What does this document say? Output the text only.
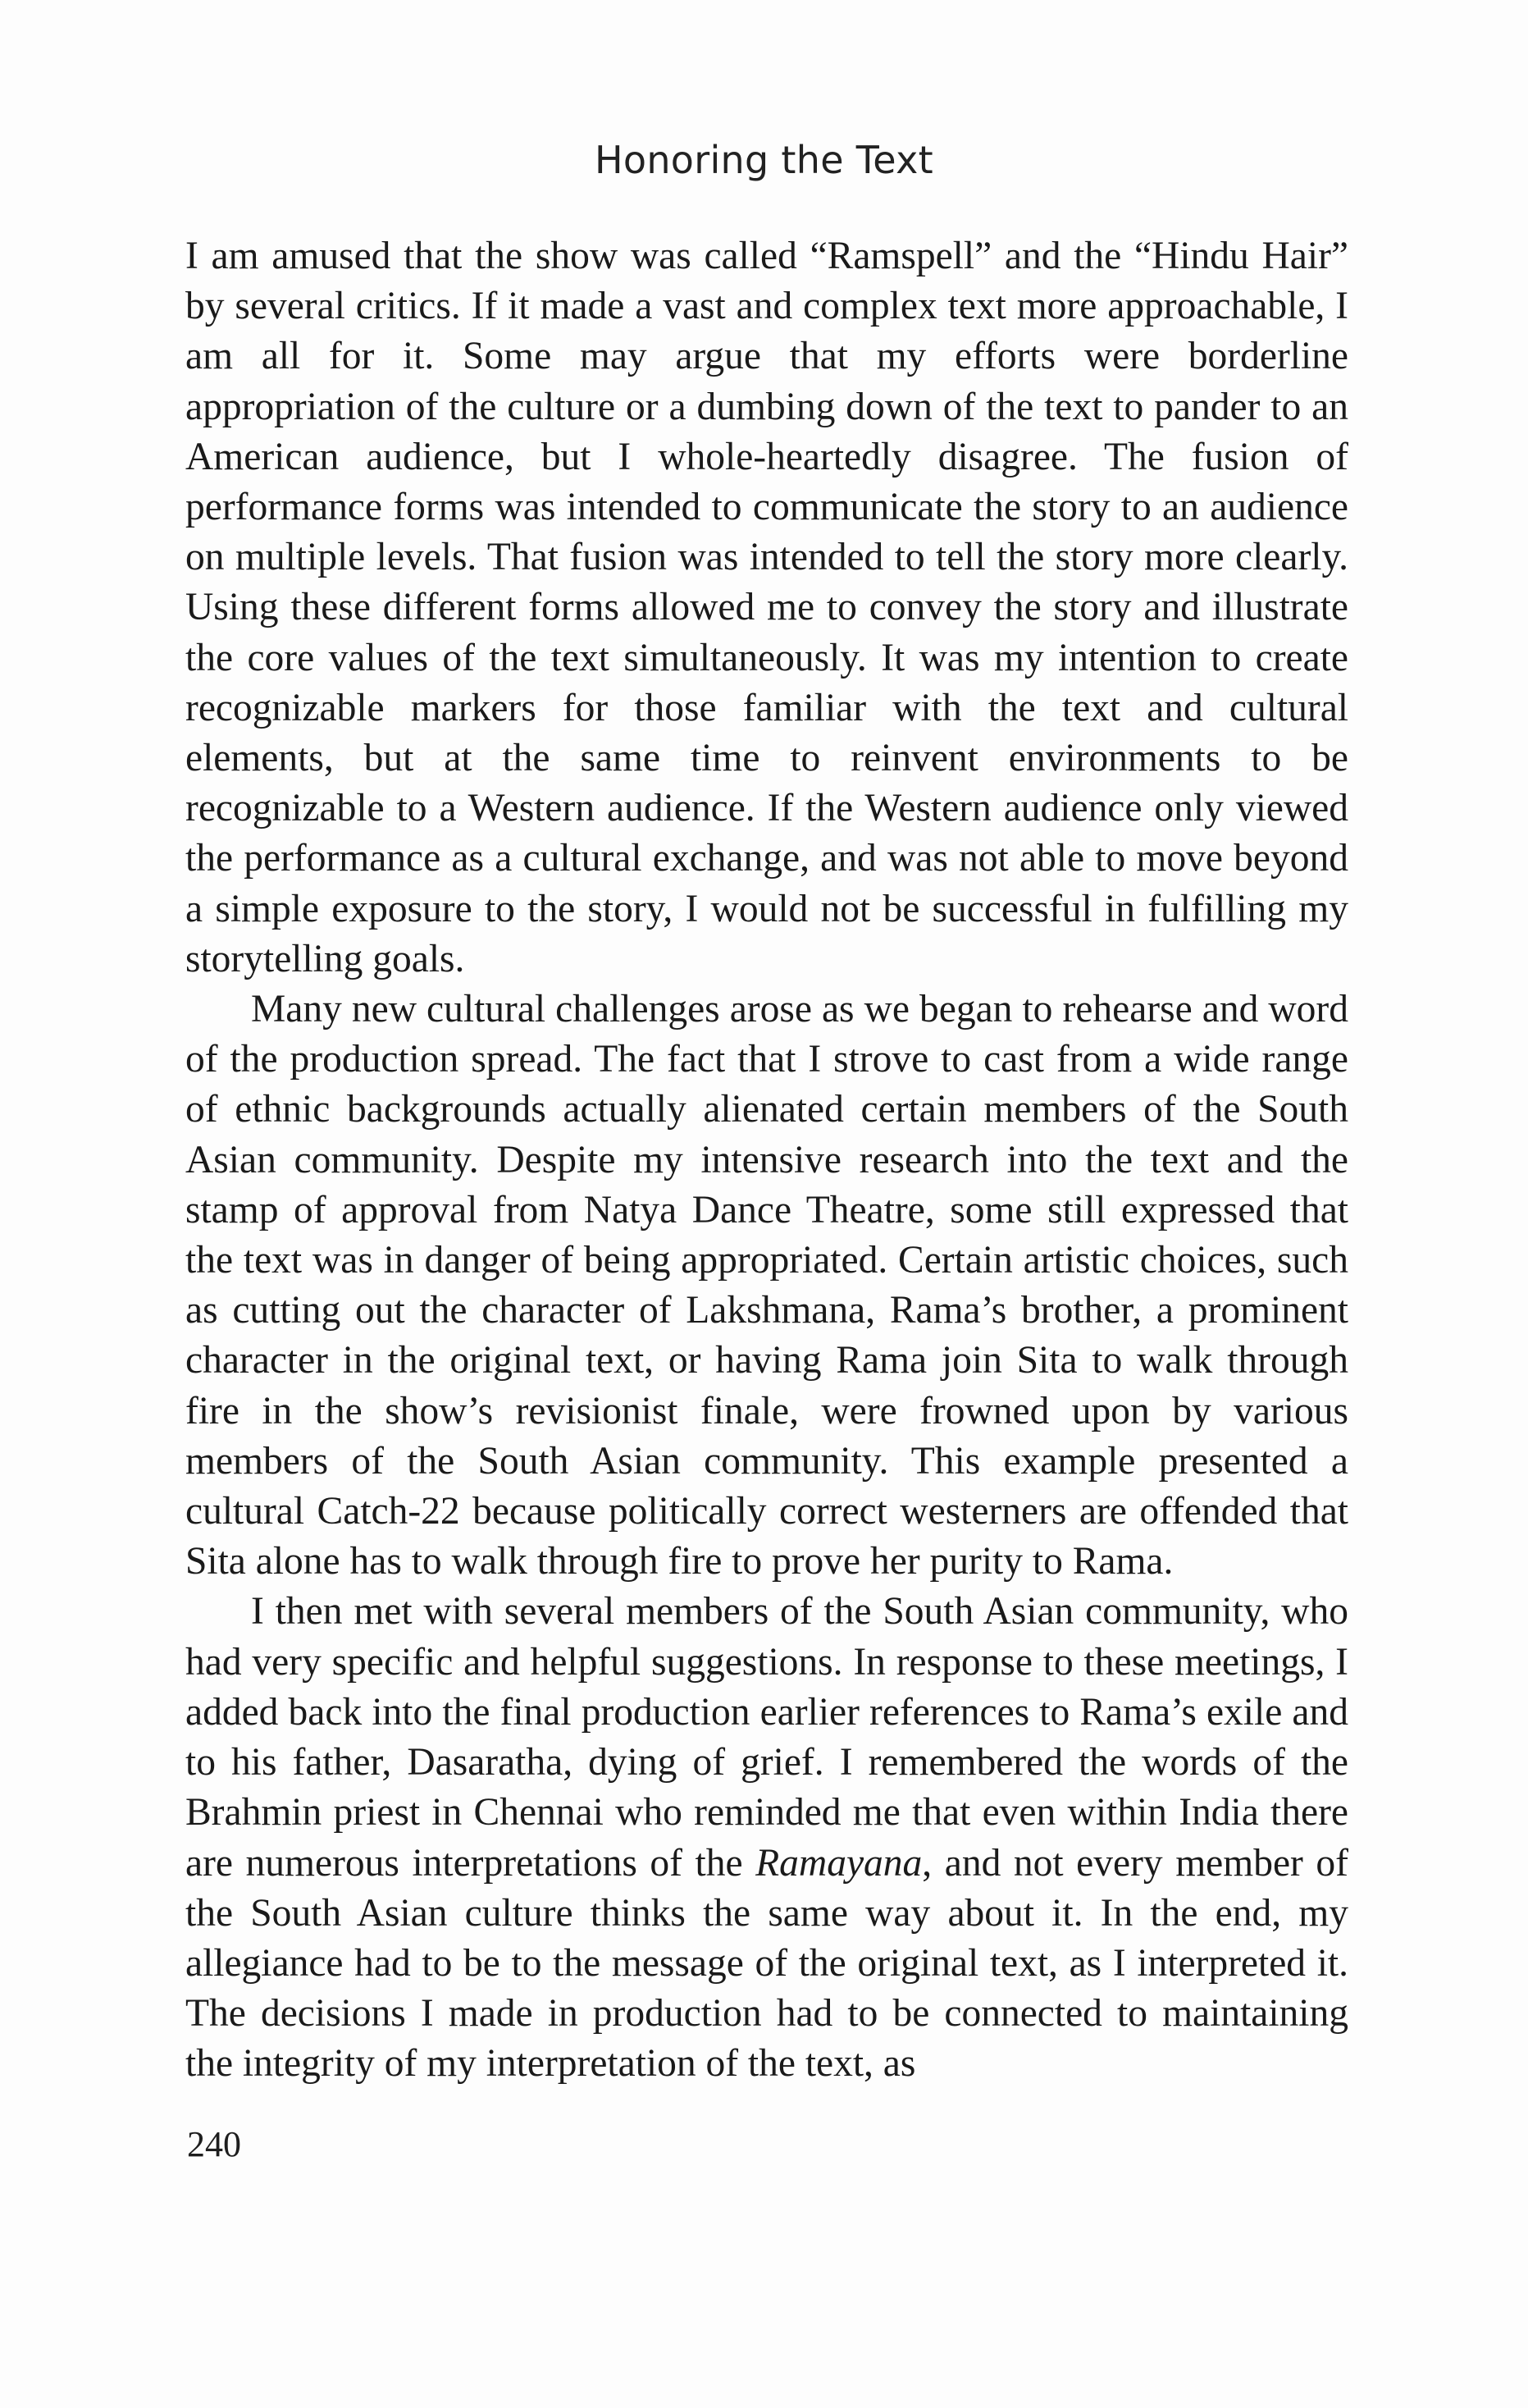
Honoring the Text

I am amused that the show was called “Ramspell” and the “Hindu Hair” by several critics. If it made a vast and complex text more approachable, I am all for it. Some may argue that my efforts were borderline appropriation of the culture or a dumbing down of the text to pander to an American audience, but I whole-heartedly disagree. The fusion of performance forms was intended to communicate the story to an audience on multiple levels. That fusion was intended to tell the story more clearly. Using these different forms allowed me to convey the story and illustrate the core values of the text simultaneously. It was my intention to create recognizable markers for those familiar with the text and cultural elements, but at the same time to reinvent environments to be recognizable to a Western audience. If the Western audience only viewed the performance as a cultural exchange, and was not able to move beyond a simple exposure to the story, I would not be successful in fulfilling my storytelling goals.

Many new cultural challenges arose as we began to rehearse and word of the production spread. The fact that I strove to cast from a wide range of ethnic backgrounds actually alienated certain members of the South Asian community. Despite my intensive research into the text and the stamp of approval from Natya Dance Theatre, some still expressed that the text was in danger of being appropriated. Certain artistic choices, such as cutting out the character of Lakshmana, Rama’s brother, a prominent character in the original text, or having Rama join Sita to walk through fire in the show’s revisionist finale, were frowned upon by various members of the South Asian community. This example presented a cultural Catch-22 because politically correct westerners are offended that Sita alone has to walk through fire to prove her purity to Rama.

I then met with several members of the South Asian community, who had very specific and helpful suggestions. In response to these meetings, I added back into the final production earlier references to Rama’s exile and to his father, Dasaratha, dying of grief. I remembered the words of the Brahmin priest in Chennai who reminded me that even within India there are numerous interpretations of the Ramayana, and not every member of the South Asian culture thinks the same way about it. In the end, my allegiance had to be to the message of the original text, as I interpreted it. The decisions I made in production had to be connected to maintaining the integrity of my interpretation of the text, as

240
